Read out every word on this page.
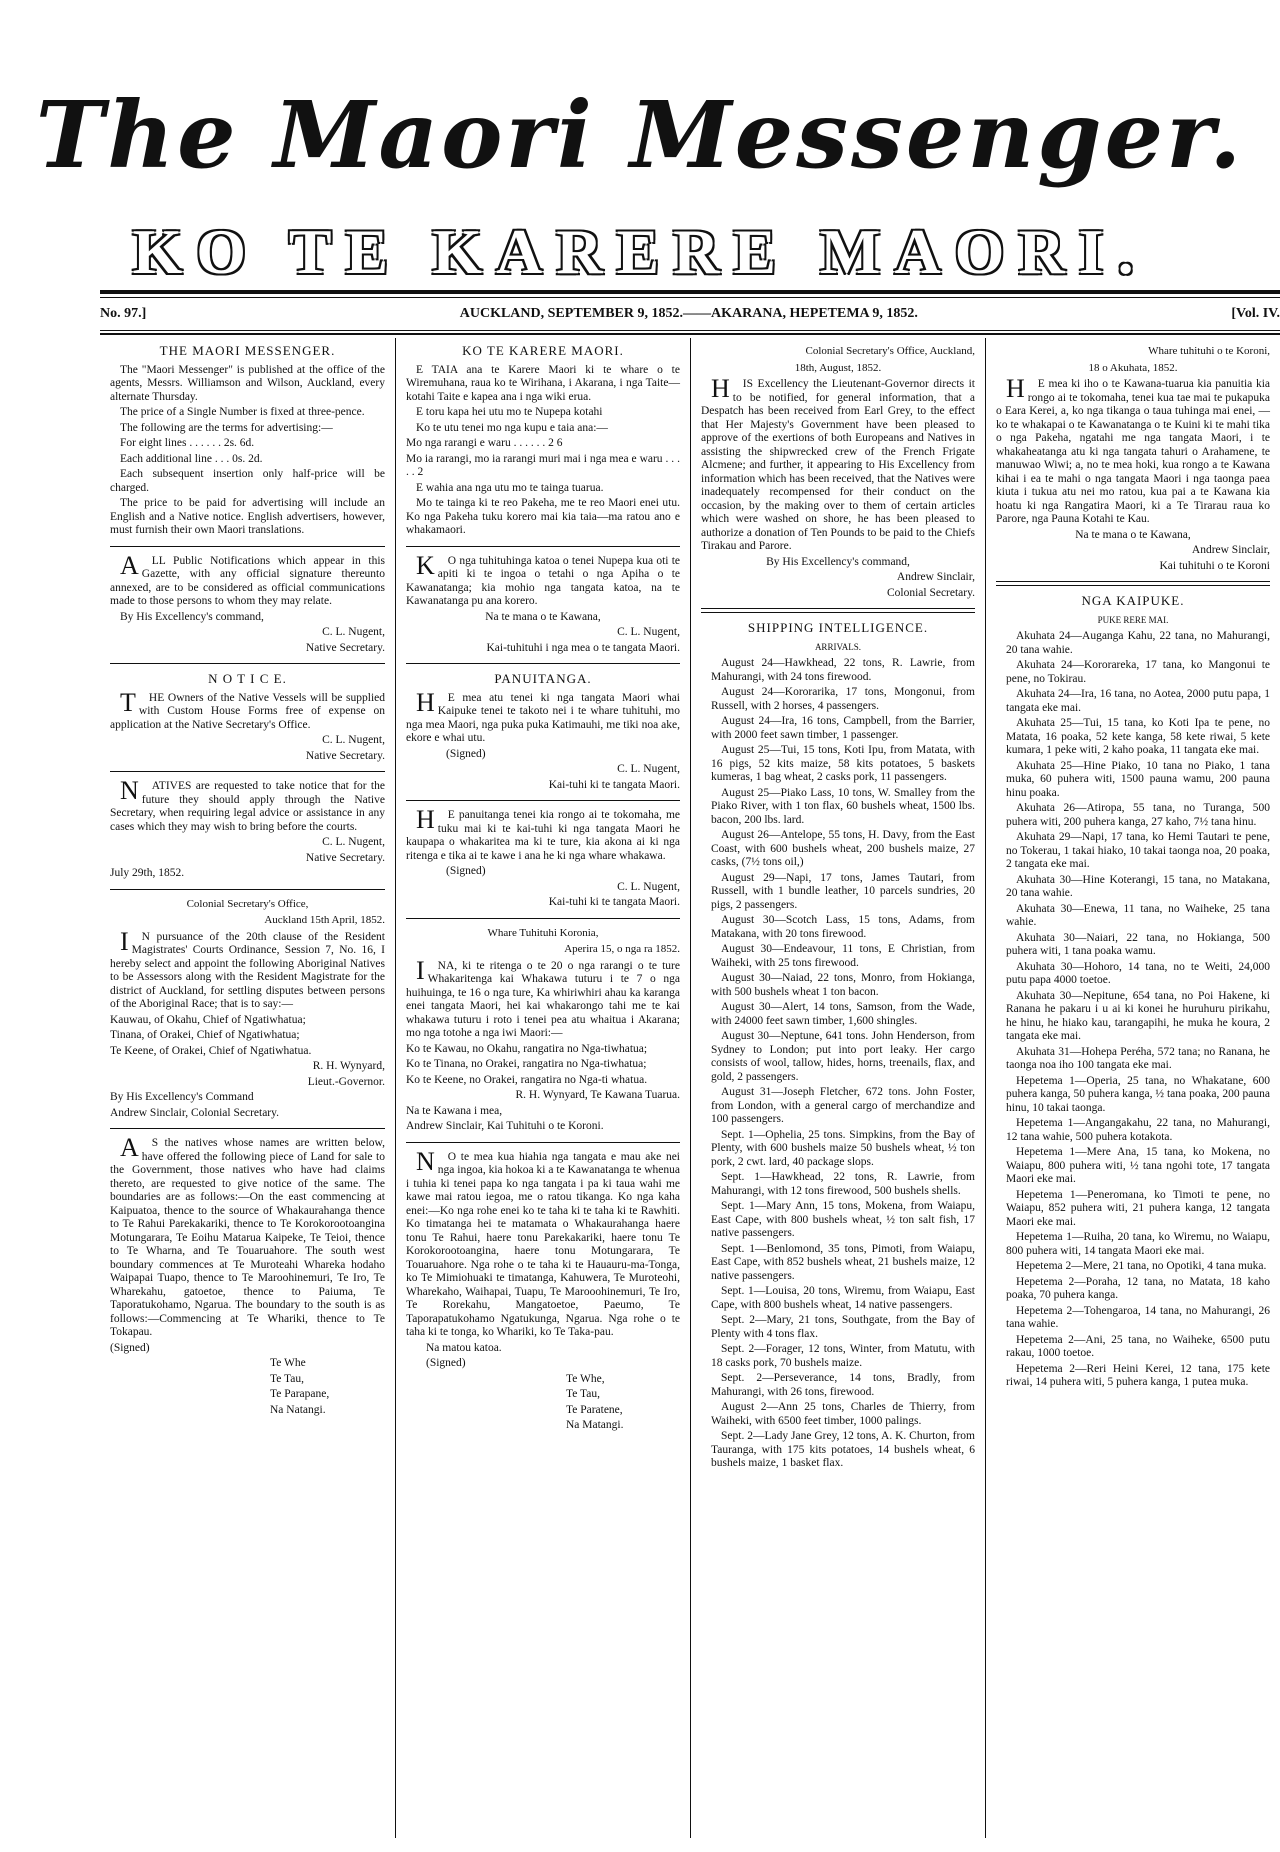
The Maori Messenger.
KO TE KARERE MAORI.
No. 97.]	AUCKLAND, SEPTEMBER 9, 1852.——AKARANA, HEPETEMA 9, 1852.	[Vol. IV.
THE MAORI MESSENGER.

The "Maori Messenger" is published at the office of the agents, Messrs. Williamson and Wilson, Auckland, every alternate Thursday.

The price of a Single Number is fixed at three-pence.

The following are the terms for advertising:—

For eight lines . . . . . . 2s. 6d.

Each additional line . . . 0s. 2d.

Each subsequent insertion only half-price will be charged.

The price to be paid for advertising will include an English and a Native notice. English advertisers, however, must furnish their own Maori translations.

ALL Public Notifications which appear in this Gazette, with any official signature thereunto annexed, are to be considered as official communications made to those persons to whom they may relate.

By His Excellency's command,

C. L. Nugent,

Native Secretary.

N O T I C E.

THE Owners of the Native Vessels will be supplied with Custom House Forms free of expense on application at the Native Secretary's Office.

C. L. Nugent,

Native Secretary.

NATIVES are requested to take notice that for the future they should apply through the Native Secretary, when requiring legal advice or assistance in any cases which they may wish to bring before the courts.

C. L. Nugent,

Native Secretary.

July 29th, 1852.

Colonial Secretary's Office,
Auckland 15th April, 1852.

IN pursuance of the 20th clause of the Resident Magistrates' Courts Ordinance, Session 7, No. 16, I hereby select and appoint the following Aboriginal Natives to be Assessors along with the Resident Magistrate for the district of Auckland, for settling disputes between persons of the Aboriginal Race; that is to say:—

Kauwau, of Okahu, Chief of Ngatiwhatua;

Tinana, of Orakei, Chief of Ngatiwhatua;

Te Keene, of Orakei, Chief of Ngatiwhatua.

R. H. Wynyard,

Lieut.-Governor.

By His Excellency's Command

Andrew Sinclair, Colonial Secretary.

AS the natives whose names are written below, have offered the following piece of Land for sale to the Government, those natives who have had claims thereto, are requested to give notice of the same. The boundaries are as follows:—On the east commencing at Kaipuatoa, thence to the source of Whakaurahanga thence to Te Rahui Parekakariki, thence to Te Korokorootoangina Motungarara, Te Eoihu Matarua Kaipeke, Te Teioi, thence to Te Wharna, and Te Touaruahore. The south west boundary commences at Te Muroteahi Whareka hodaho Waipapai Tuapo, thence to Te Maroohinemuri, Te Iro, Te Wharekahu, gatoetoe, thence to Paiuma, Te Taporatukohamo, Ngarua. The boundary to the south is as follows:—Commencing at Te Whariki, thence to Te Tokapau.

(Signed)

Te Whe

Te Tau,

Te Parapane,

Na Natangi.

KO TE KARERE MAORI.

E TAIA ana te Karere Maori ki te whare o te Wiremuhana, raua ko te Wirihana, i Akarana, i nga Taite—kotahi Taite e kapea ana i nga wiki erua.

E toru kapa hei utu mo te Nupepa kotahi

Ko te utu tenei mo nga kupu e taia ana:—

Mo nga rarangi e waru . . . . . . 2 6

Mo ia rarangi, mo ia rarangi muri mai i nga mea e waru . . . . . 2

E wahia ana nga utu mo te tainga tuarua.

Mo te tainga ki te reo Pakeha, me te reo Maori enei utu. Ko nga Pakeha tuku korero mai kia taia—ma ratou ano e whakamaori.

KO nga tuhituhinga katoa o tenei Nupepa kua oti te apiti ki te ingoa o tetahi o nga Apiha o te Kawanatanga; kia mohio nga tangata katoa, na te Kawanatanga pu ana korero.

Na te mana o te Kawana,

C. L. Nugent,

Kai-tuhituhi i nga mea o te tangata Maori.

PANUITANGA.

HE mea atu tenei ki nga tangata Maori whai Kaipuke tenei te takoto nei i te whare tuhituhi, mo nga mea Maori, nga puka puka Katimauhi, me tiki noa ake, ekore e whai utu.

(Signed)

C. L. Nugent,

Kai-tuhi ki te tangata Maori.

HE panuitanga tenei kia rongo ai te tokomaha, me tuku mai ki te kai-tuhi ki nga tangata Maori he kaupapa o whakaritea ma ki te ture, kia akona ai ki nga ritenga e tika ai te kawe i ana he ki nga whare whakawa.

(Signed)

C. L. Nugent,

Kai-tuhi ki te tangata Maori.

Whare Tuhituhi Koronia,
Aperira 15, o nga ra 1852.

INA, ki te ritenga o te 20 o nga rarangi o te ture Whakaritenga kai Whakawa tuturu i te 7 o nga huihuinga, te 16 o nga ture, Ka whiriwhiri ahau ka karanga enei tangata Maori, hei kai whakarongo tahi me te kai whakawa tuturu i roto i tenei pea atu whaitua i Akarana; mo nga totohe a nga iwi Maori:—

Ko te Kawau, no Okahu, rangatira no Nga-tiwhatua;

Ko te Tinana, no Orakei, rangatira no Nga-tiwhatua;

Ko te Keene, no Orakei, rangatira no Nga-ti whatua.

R. H. Wynyard, Te Kawana Tuarua.

Na te Kawana i mea,

Andrew Sinclair, Kai Tuhituhi o te Koroni.

NO te mea kua hiahia nga tangata e mau ake nei nga ingoa, kia hokoa ki a te Kawanatanga te whenua i tuhia ki tenei papa ko nga tangata i pa ki taua wahi me kawe mai ratou iegoa, me o ratou tikanga. Ko nga kaha enei:—Ko nga rohe enei ko te taha ki te taha ki te Rawhiti. Ko timatanga hei te matamata o Whakaurahanga haere tonu Te Rahui, haere tonu Parekakariki, haere tonu Te Korokorootoangina, haere tonu Motungarara, Te Touaruahore. Nga rohe o te taha ki te Hauauru-ma-Tonga, ko Te Mimiohuaki te timatanga, Kahuwera, Te Muroteohi, Wharekaho, Waihapai, Tuapu, Te Marooohinemuri, Te Iro, Te Rorekahu, Mangatoetoe, Paeumo, Te Taporapatukohamo Ngatukunga, Ngarua. Nga rohe o te taha ki te tonga, ko Whariki, ko Te Taka-pau.

Na matou katoa.

(Signed)

Te Whe,

Te Tau,

Te Paratene,

Na Matangi.

Colonial Secretary's Office, Auckland,
18th, August, 1852.

HIS Excellency the Lieutenant-Governor directs it to be notified, for general information, that a Despatch has been received from Earl Grey, to the effect that Her Majesty's Government have been pleased to approve of the exertions of both Europeans and Natives in assisting the shipwrecked crew of the French Frigate Alcmene; and further, it appearing to His Excellency from information which has been received, that the Natives were inadequately recompensed for their conduct on the occasion, by the making over to them of certain articles which were washed on shore, he has been pleased to authorize a donation of Ten Pounds to be paid to the Chiefs Tirakau and Parore.

By His Excellency's command,

Andrew Sinclair,

Colonial Secretary.

SHIPPING INTELLIGENCE.
ARRIVALS.

August 24—Hawkhead, 22 tons, R. Lawrie, from Mahurangi, with 24 tons firewood.

August 24—Kororarika, 17 tons, Mongonui, from Russell, with 2 horses, 4 passengers.

August 24—Ira, 16 tons, Campbell, from the Barrier, with 2000 feet sawn timber, 1 passenger.

August 25—Tui, 15 tons, Koti Ipu, from Matata, with 16 pigs, 52 kits maize, 58 kits potatoes, 5 baskets kumeras, 1 bag wheat, 2 casks pork, 11 passengers.

August 25—Piako Lass, 10 tons, W. Smalley from the Piako River, with 1 ton flax, 60 bushels wheat, 1500 lbs. bacon, 200 lbs. lard.

August 26—Antelope, 55 tons, H. Davy, from the East Coast, with 600 bushels wheat, 200 bushels maize, 27 casks, (7½ tons oil,)

August 29—Napi, 17 tons, James Tautari, from Russell, with 1 bundle leather, 10 parcels sundries, 20 pigs, 2 passengers.

August 30—Scotch Lass, 15 tons, Adams, from Matakana, with 20 tons firewood.

August 30—Endeavour, 11 tons, E Christian, from Waiheki, with 25 tons firewood.

August 30—Naiad, 22 tons, Monro, from Hokianga, with 500 bushels wheat 1 ton bacon.

August 30—Alert, 14 tons, Samson, from the Wade, with 24000 feet sawn timber, 1,600 shingles.

August 30—Neptune, 641 tons. John Henderson, from Sydney to London; put into port leaky. Her cargo consists of wool, tallow, hides, horns, treenails, flax, and gold, 2 passengers.

August 31—Joseph Fletcher, 672 tons. John Foster, from London, with a general cargo of merchandize and 100 passengers.

Sept. 1—Ophelia, 25 tons. Simpkins, from the Bay of Plenty, with 600 bushels maize 50 bushels wheat, ½ ton pork, 2 cwt. lard, 40 package slops.

Sept. 1—Hawkhead, 22 tons, R. Lawrie, from Mahurangi, with 12 tons firewood, 500 bushels shells.

Sept. 1—Mary Ann, 15 tons, Mokena, from Waiapu, East Cape, with 800 bushels wheat, ½ ton salt fish, 17 native passengers.

Sept. 1—Benlomond, 35 tons, Pimoti, from Waiapu, East Cape, with 852 bushels wheat, 21 bushels maize, 12 native passengers.

Sept. 1—Louisa, 20 tons, Wiremu, from Waiapu, East Cape, with 800 bushels wheat, 14 native passengers.

Sept. 2—Mary, 21 tons, Southgate, from the Bay of Plenty with 4 tons flax.

Sept. 2—Forager, 12 tons, Winter, from Matutu, with 18 casks pork, 70 bushels maize.

Sept. 2—Perseverance, 14 tons, Bradly, from Mahurangi, with 26 tons, firewood.

August 2—Ann 25 tons, Charles de Thierry, from Waiheki, with 6500 feet timber, 1000 palings.

Sept. 2—Lady Jane Grey, 12 tons, A. K. Churton, from Tauranga, with 175 kits potatoes, 14 bushels wheat, 6 bushels maize, 1 basket flax.

Whare tuhituhi o te Koroni,
18 o Akuhata, 1852.

HE mea ki iho o te Kawana-tuarua kia panuitia kia rongo ai te tokomaha, tenei kua tae mai te pukapuka o Eara Kerei, a, ko nga tikanga o taua tuhinga mai enei, —ko te whakapai o te Kawanatanga o te Kuini ki te mahi tika o nga Pakeha, ngatahi me nga tangata Maori, i te whakaheatanga atu ki nga tangata tahuri o Arahamene, te manuwao Wiwi; a, no te mea hoki, kua rongo a te Kawana kihai i ea te mahi o nga tangata Maori i nga taonga paea kiuta i tukua atu nei mo ratou, kua pai a te Kawana kia hoatu ki nga Rangatira Maori, ki a Te Tirarau raua ko Parore, nga Pauna Kotahi te Kau.

Na te mana o te Kawana,

Andrew Sinclair,

Kai tuhituhi o te Koroni

NGA KAIPUKE.
PUKE RERE MAI.

Akuhata 24—Auganga Kahu, 22 tana, no Mahurangi, 20 tana wahie.

Akuhata 24—Kororareka, 17 tana, ko Mangonui te pene, no Tokirau.

Akuhata 24—Ira, 16 tana, no Aotea, 2000 putu papa, 1 tangata eke mai.

Akuhata 25—Tui, 15 tana, ko Koti Ipa te pene, no Matata, 16 poaka, 52 kete kanga, 58 kete riwai, 5 kete kumara, 1 peke witi, 2 kaho poaka, 11 tangata eke mai.

Akuhata 25—Hine Piako, 10 tana no Piako, 1 tana muka, 60 puhera witi, 1500 pauna wamu, 200 pauna hinu poaka.

Akuhata 26—Atiropa, 55 tana, no Turanga, 500 puhera witi, 200 puhera kanga, 27 kaho, 7½ tana hinu.

Akuhata 29—Napi, 17 tana, ko Hemi Tautari te pene, no Tokerau, 1 takai hiako, 10 takai taonga noa, 20 poaka, 2 tangata eke mai.

Akuhata 30—Hine Koterangi, 15 tana, no Matakana, 20 tana wahie.

Akuhata 30—Enewa, 11 tana, no Waiheke, 25 tana wahie.

Akuhata 30—Naiari, 22 tana, no Hokianga, 500 puhera witi, 1 tana poaka wamu.

Akuhata 30—Hohoro, 14 tana, no te Weiti, 24,000 putu papa 4000 toetoe.

Akuhata 30—Nepitune, 654 tana, no Poi Hakene, ki Ranana he pakaru i u ai ki konei he huruhuru pirikahu, he hinu, he hiako kau, tarangapihi, he muka he koura, 2 tangata eke mai.

Akuhata 31—Hohepa Peréha, 572 tana; no Ranana, he taonga noa iho 100 tangata eke mai.

Hepetema 1—Operia, 25 tana, no Whakatane, 600 puhera kanga, 50 puhera kanga, ½ tana poaka, 200 pauna hinu, 10 takai taonga.

Hepetema 1—Angangakahu, 22 tana, no Mahurangi, 12 tana wahie, 500 puhera kotakota.

Hepetema 1—Mere Ana, 15 tana, ko Mokena, no Waiapu, 800 puhera witi, ½ tana ngohi tote, 17 tangata Maori eke mai.

Hepetema 1—Peneromana, ko Timoti te pene, no Waiapu, 852 puhera witi, 21 puhera kanga, 12 tangata Maori eke mai.

Hepetema 1—Ruiha, 20 tana, ko Wiremu, no Waiapu, 800 puhera witi, 14 tangata Maori eke mai.

Hepetema 2—Mere, 21 tana, no Opotiki, 4 tana muka.

Hepetema 2—Poraha, 12 tana, no Matata, 18 kaho poaka, 70 puhera kanga.

Hepetema 2—Tohengaroa, 14 tana, no Mahurangi, 26 tana wahie.

Hepetema 2—Ani, 25 tana, no Waiheke, 6500 putu rakau, 1000 toetoe.

Hepetema 2—Reri Heini Kerei, 12 tana, 175 kete riwai, 14 puhera witi, 5 puhera kanga, 1 putea muka.
